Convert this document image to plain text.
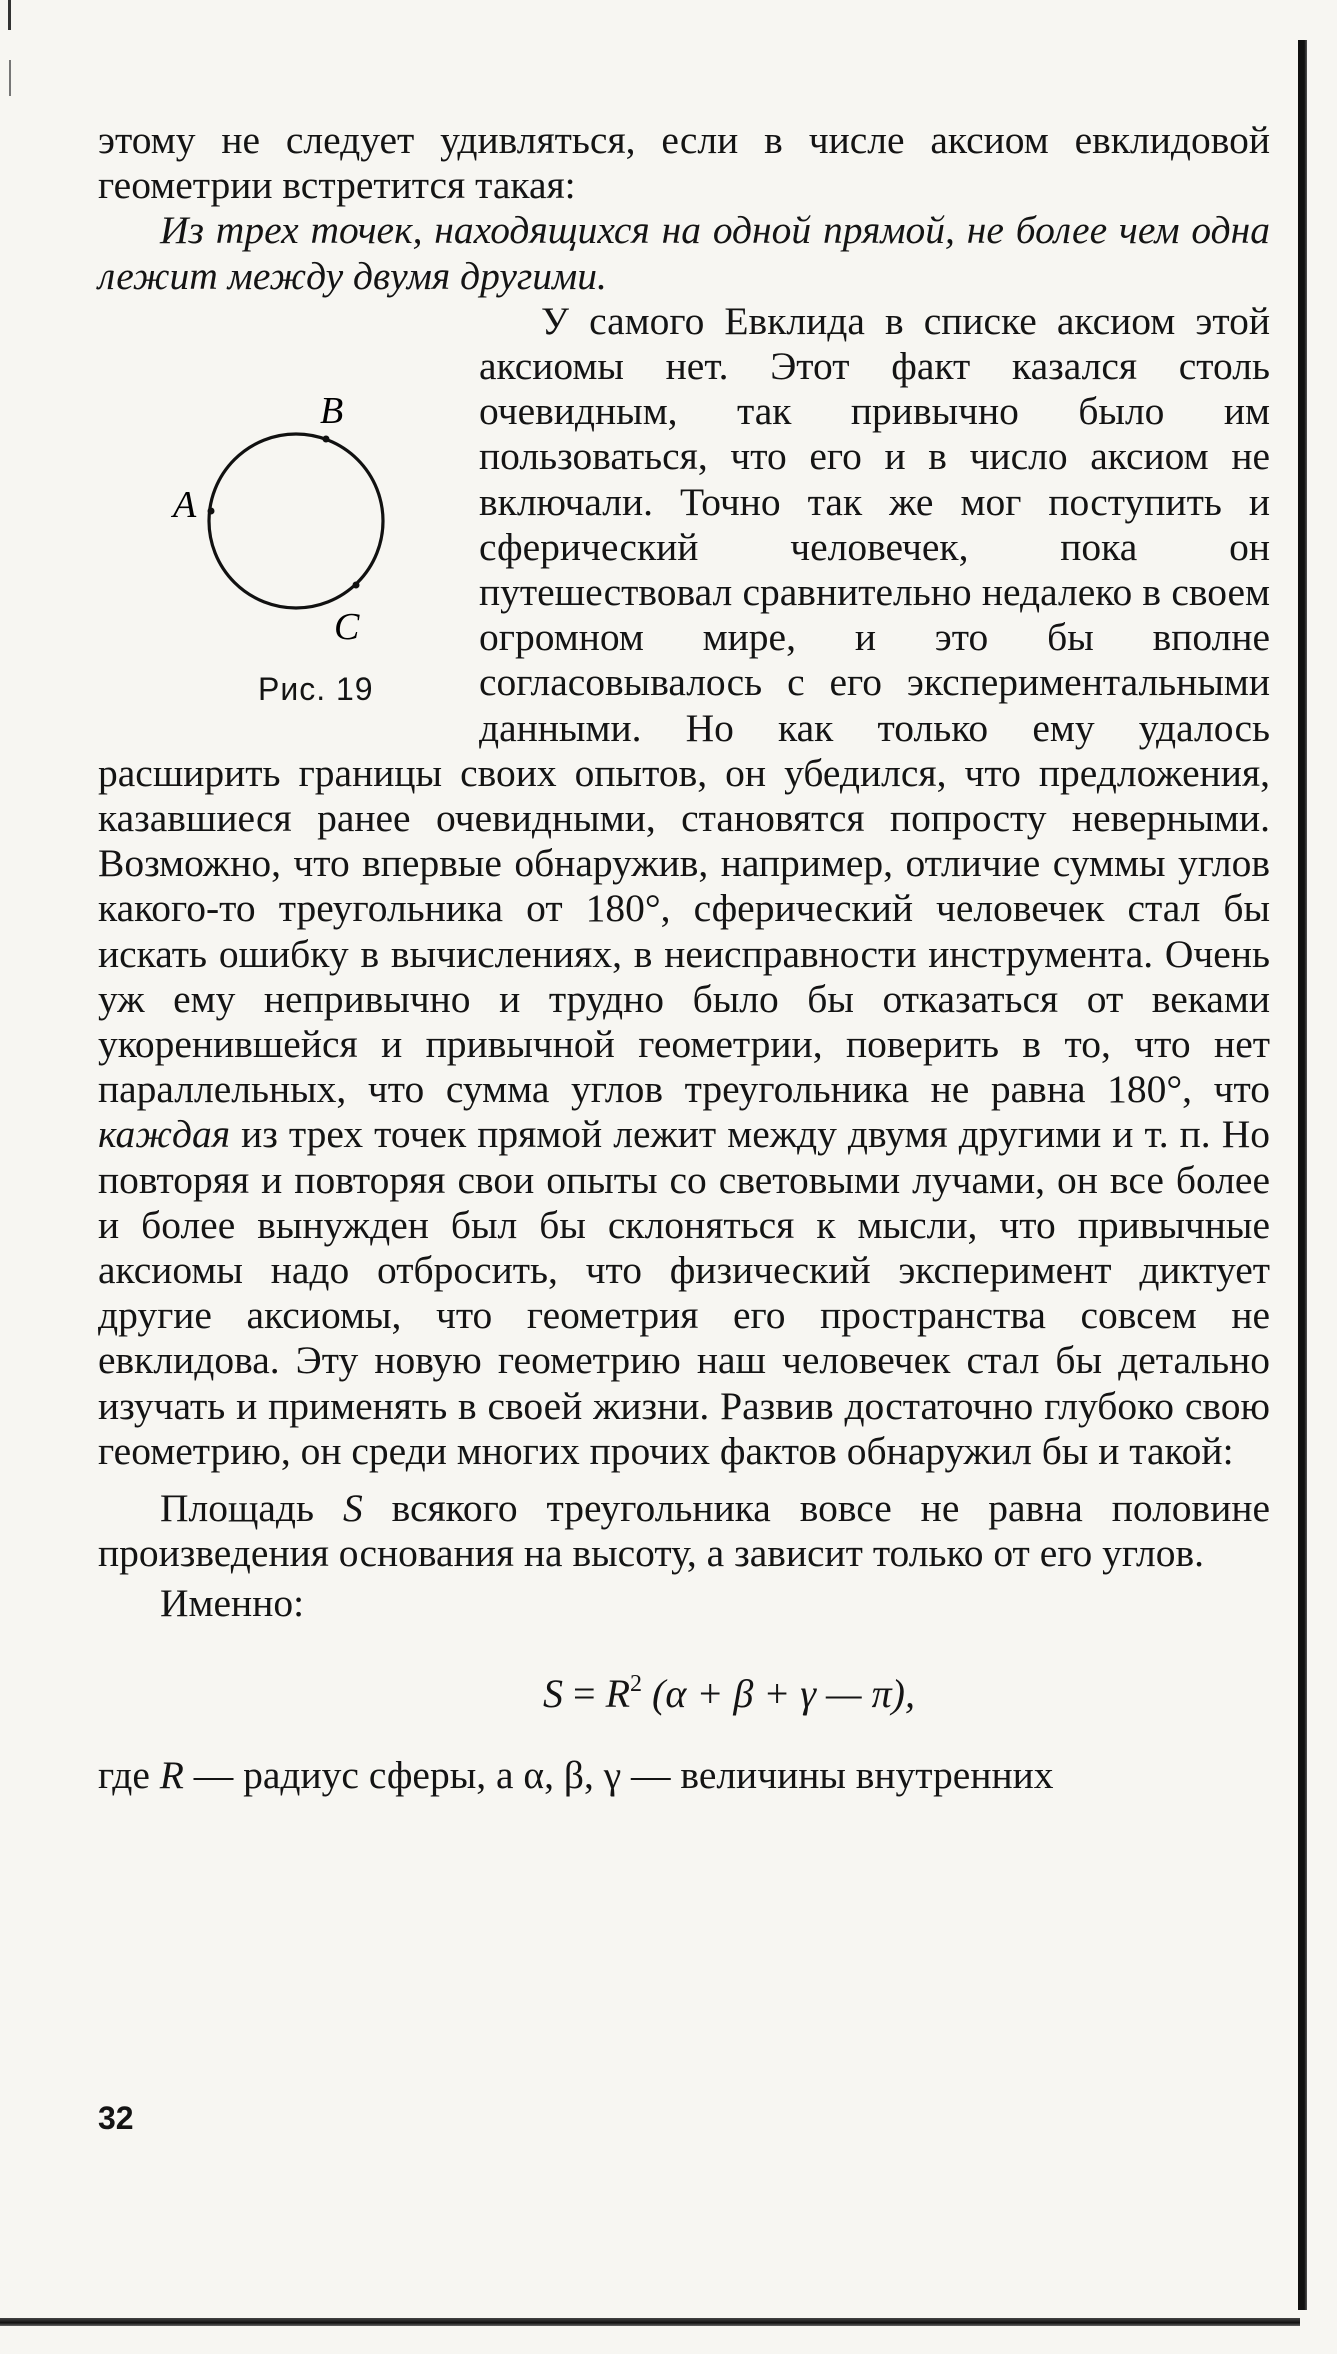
этому не следует удивляться, если в числе аксиом евклидовой геометрии встретится такая:

Из трех точек, находящихся на одной прямой, не более чем одна лежит между двумя другими.

B
A
C
Рис. 19
У самого Евклида в списке аксиом этой аксиомы нет. Этот факт казался столь очевидным, так привычно было им пользоваться, что его и в число аксиом не включали. Точно так же мог поступить и сферический человечек, пока он путешествовал сравнительно недалеко в своем огромном мире, и это бы вполне согласовывалось с его экспериментальными данными. Но как только ему удалось расширить границы своих опытов, он убедился, что предложения, казавшиеся ранее очевидными, становятся попросту неверными. Возможно, что впервые обнаружив, например, отличие суммы углов какого-то треугольника от 180°, сферический человечек стал бы искать ошибку в вычислениях, в неисправности инструмента. Очень уж ему непривычно и трудно было бы отказаться от веками укоренившейся и привычной геометрии, поверить в то, что нет параллельных, что сумма углов треугольника не равна 180°, что каждая из трех точек прямой лежит между двумя другими и т. п. Но повторяя и повторяя свои опыты со световыми лучами, он все более и более вынужден был бы склоняться к мысли, что привычные аксиомы надо отбросить, что физический эксперимент диктует другие аксиомы, что геометрия его пространства совсем не евклидова. Эту новую геометрию наш человечек стал бы детально изучать и применять в своей жизни. Развив достаточно глубоко свою геометрию, он среди многих прочих фактов обнаружил бы и такой:

Площадь S всякого треугольника вовсе не равна половине произведения основания на высоту, а зависит только от его углов.

Именно:

$S = R^2$ (α + β + γ — π),

где R — радиус сферы, а α, β, γ — величины внутренних

32
